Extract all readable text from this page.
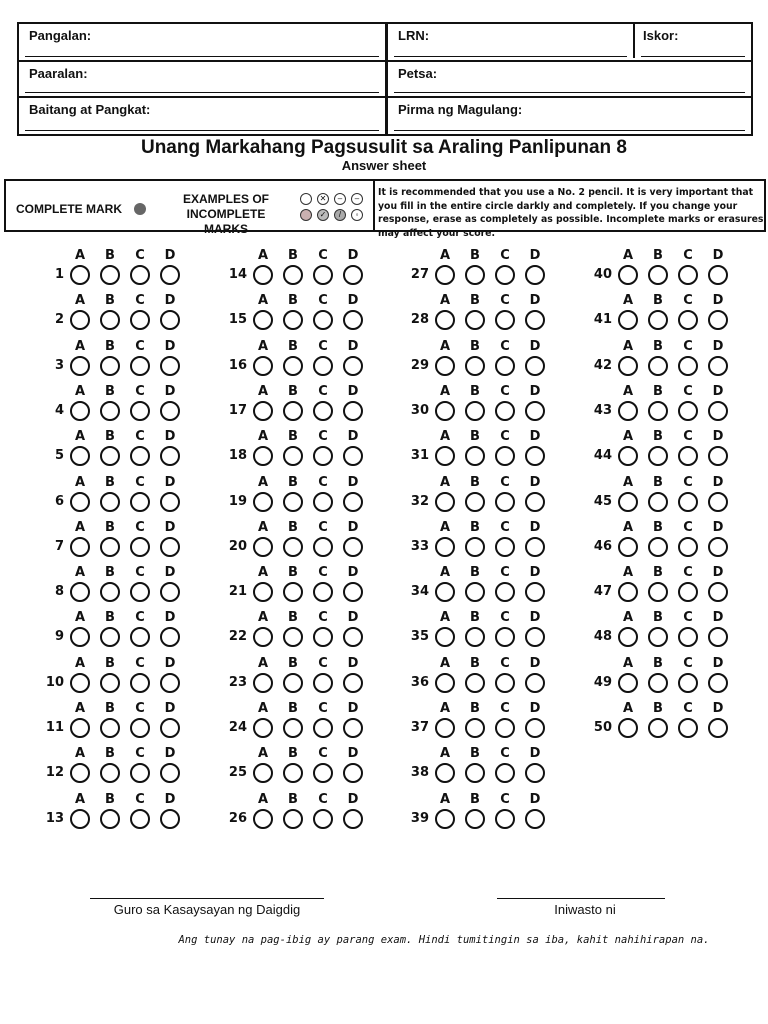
Pangalan:	LRN:	Iskor:
Paaralan:	Petsa:
Baitang at Pangkat:	Pirma ng Magulang:
Unang Markahang Pagsusulit sa Araling Panlipunan 8
Answer sheet
COMPLETE MARK
EXAMPLES OF INCOMPLETE MARKS
✕	–	–
✓	/	◦
It is recommended that you use a No. 2 pencil. It is very important that you fill in the entire circle darkly and completely. If you change your response, erase as completely as possible. Incomplete marks or erasures may affect your score.
1
A	B	C	D
2
A	B	C	D
3
A	B	C	D
4
A	B	C	D
5
A	B	C	D
6
A	B	C	D
7
A	B	C	D
8
A	B	C	D
9
A	B	C	D
10
A	B	C	D
11
A	B	C	D
12
A	B	C	D
13
A	B	C	D
14
A	B	C	D
15
A	B	C	D
16
A	B	C	D
17
A	B	C	D
18
A	B	C	D
19
A	B	C	D
20
A	B	C	D
21
A	B	C	D
22
A	B	C	D
23
A	B	C	D
24
A	B	C	D
25
A	B	C	D
26
A	B	C	D
27
A	B	C	D
28
A	B	C	D
29
A	B	C	D
30
A	B	C	D
31
A	B	C	D
32
A	B	C	D
33
A	B	C	D
34
A	B	C	D
35
A	B	C	D
36
A	B	C	D
37
A	B	C	D
38
A	B	C	D
39
A	B	C	D
40
A	B	C	D
41
A	B	C	D
42
A	B	C	D
43
A	B	C	D
44
A	B	C	D
45
A	B	C	D
46
A	B	C	D
47
A	B	C	D
48
A	B	C	D
49
A	B	C	D
50
A	B	C	D
Guro sa Kasaysayan ng Daigdig	Iniwasto ni
Ang tunay na pag-ibig ay parang exam. Hindi tumitingin sa iba, kahit nahihirapan na.
